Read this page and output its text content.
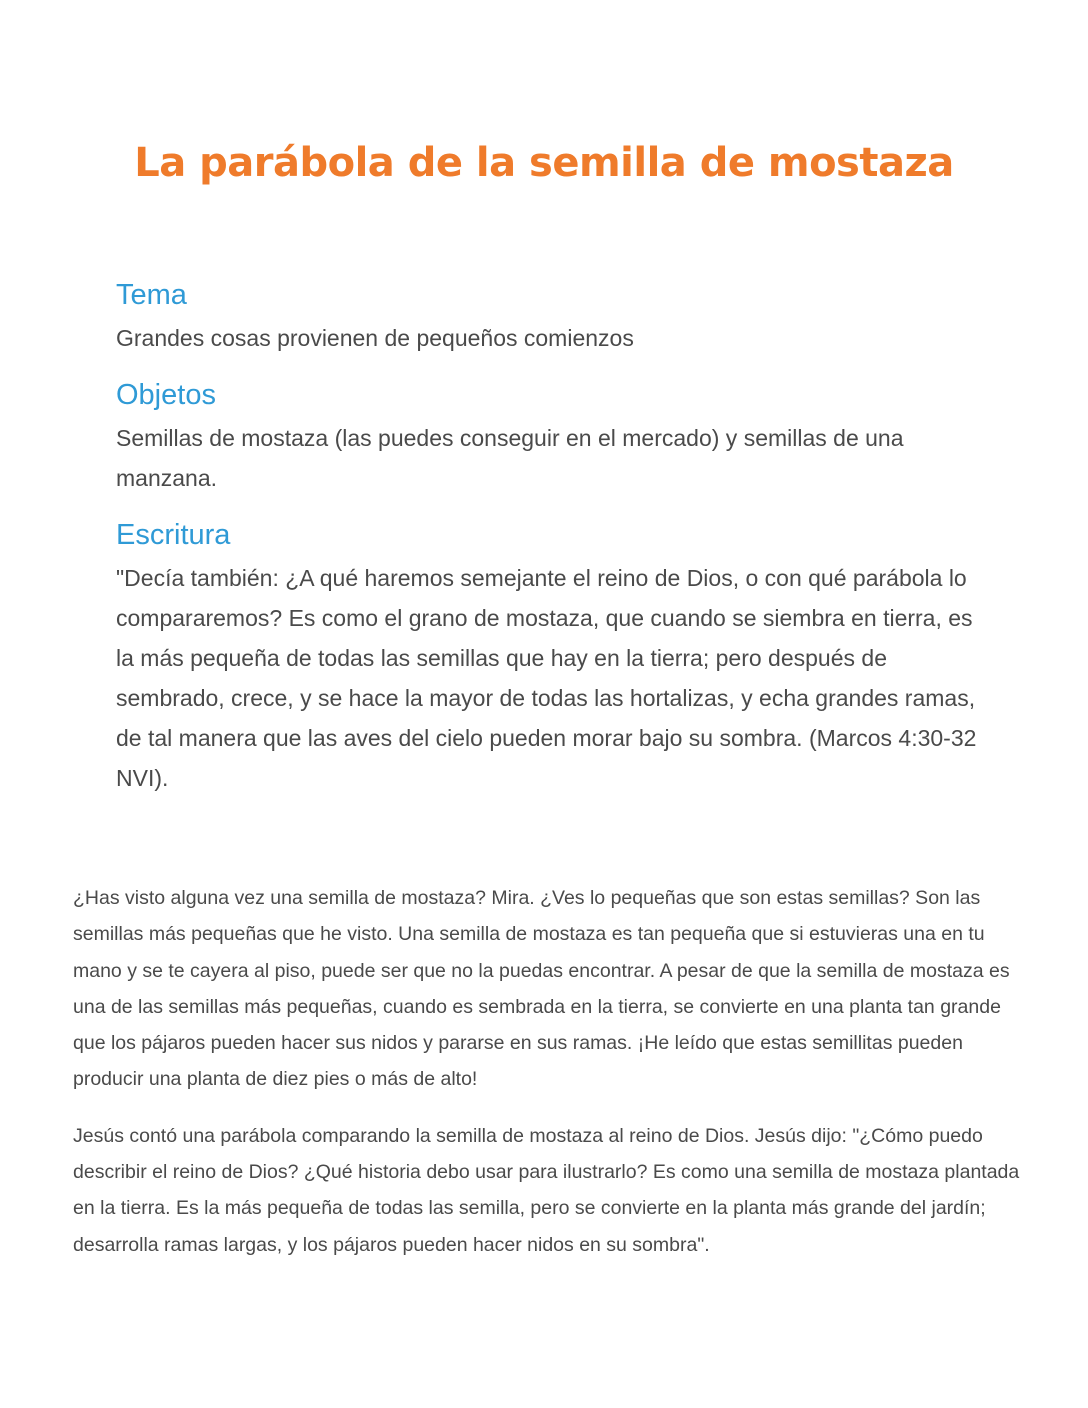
La parábola de la semilla de mostaza
Tema

Grandes cosas provienen de pequeños comienzos

Objetos

Semillas de mostaza (las puedes conseguir en el mercado) y semillas de una manzana.

Escritura

"Decía también: ¿A qué haremos semejante el reino de Dios, o con qué parábola lo compararemos? Es como el grano de mostaza, que cuando se siembra en tierra, es la más pequeña de todas las semillas que hay en la tierra; pero después de sembrado, crece, y se hace la mayor de todas las hortalizas, y echa grandes ramas, de tal manera que las aves del cielo pueden morar bajo su sombra. (Marcos 4:30-32 NVI).

¿Has visto alguna vez una semilla de mostaza? Mira. ¿Ves lo pequeñas que son estas semillas? Son las semillas más pequeñas que he visto. Una semilla de mostaza es tan pequeña que si estuvieras una en tu mano y se te cayera al piso, puede ser que no la puedas encontrar. A pesar de que la semilla de mostaza es una de las semillas más pequeñas, cuando es sembrada en la tierra, se convierte en una planta tan grande que los pájaros pueden hacer sus nidos y pararse en sus ramas. ¡He leído que estas semillitas pueden producir una planta de diez pies o más de alto!

Jesús contó una parábola comparando la semilla de mostaza al reino de Dios. Jesús dijo: "¿Cómo puedo describir el reino de Dios? ¿Qué historia debo usar para ilustrarlo? Es como una semilla de mostaza plantada en la tierra. Es la más pequeña de todas las semilla, pero se convierte en la planta más grande del jardín; desarrolla ramas largas, y los pájaros pueden hacer nidos en su sombra".
